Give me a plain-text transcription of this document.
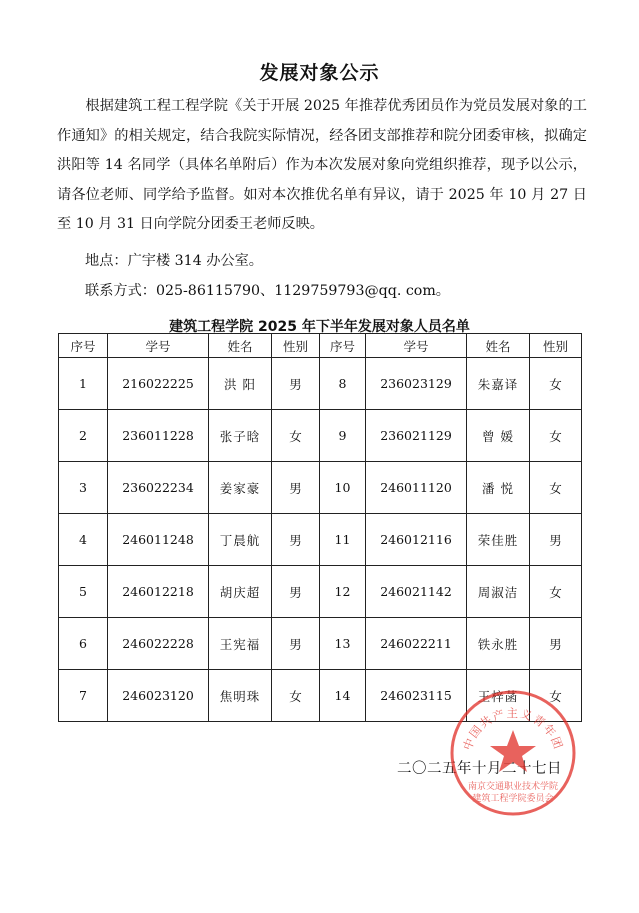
发展对象公示

根据建筑工程工程学院《关于开展 2025 年推荐优秀团员作为党员发展对象的工作通知》的相关规定，结合我院实际情况，经各团支部推荐和院分团委审核，拟确定洪阳等 14 名同学（具体名单附后）作为本次发展对象向党组织推荐，现予以公示，请各位老师、同学给予监督。如对本次推优名单有异议，请于 2025 年 10 月 27 日至 10 月 31 日向学院分团委王老师反映。

地点：广宇楼 314 办公室。
联系方式：025-86115790、1129759793@qq. com。
建筑工程学院 2025 年下半年发展对象人员名单
序号	学号	姓名	性别	序号	学号	姓名	性别
1	216022225	洪 阳	男	8	236023129	朱嘉译	女
2	236011228	张子晗	女	9	236021129	曾 媛	女
3	236022234	姜家豪	男	10	246011120	潘 悦	女
4	246011248	丁晨航	男	11	246012116	荣佳胜	男
5	246012218	胡庆超	男	12	246021142	周淑洁	女
6	246022228	王宪福	男	13	246022211	铁永胜	男
7	246023120	焦明珠	女	14	246023115	王梓菡	女
二〇二五年十月二十七日
中国共产主义青年团
南京交通职业技术学院
建筑工程学院委员会
